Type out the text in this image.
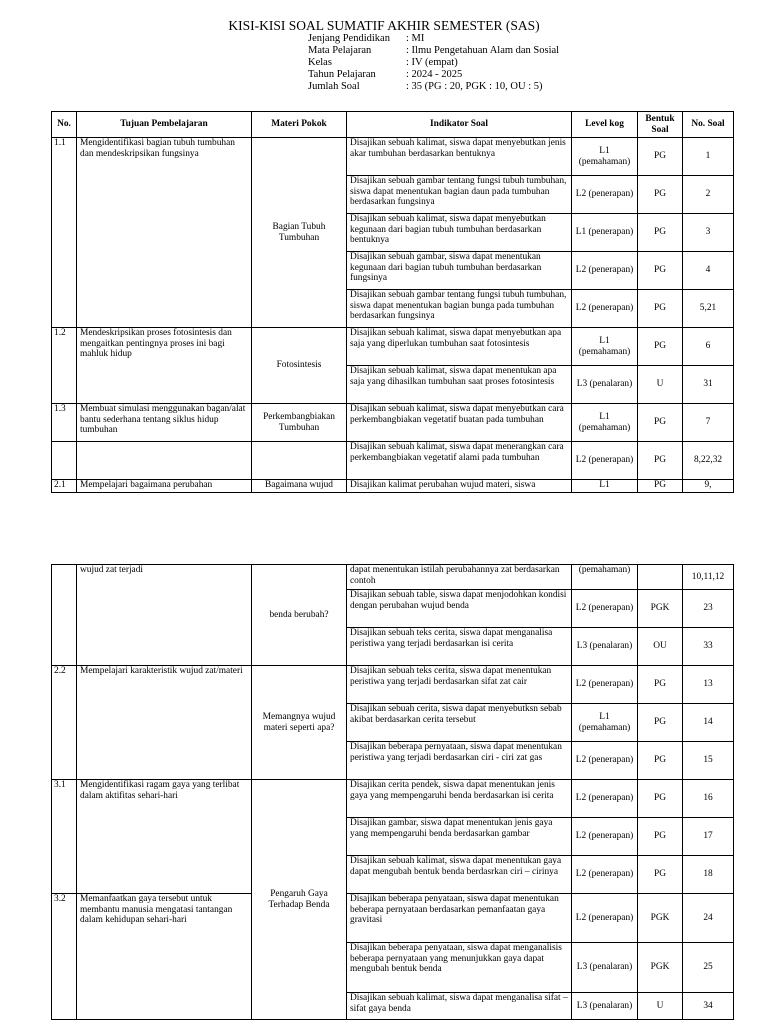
KISI-KISI SOAL SUMATIF AKHIR SEMESTER (SAS)
Jenjang Pendidikan	: MI
Mata Pelajaran	: Ilmu Pengetahuan Alam dan Sosial
Kelas	: IV (empat)
Tahun Pelajaran	: 2024 - 2025
Jumlah Soal	: 35 (PG : 20, PGK : 10, OU : 5)
No.	Tujuan Pembelajaran	Materi Pokok	Indikator Soal	Level kog	Bentuk Soal	No. Soal
1.1	Mengidentifikasi bagian tubuh tumbuhan dan mendeskripsikan fungsinya	Bagian Tubuh Tumbuhan	Disajikan sebuah kalimat, siswa dapat menyebutkan jenis akar tumbuhan berdasarkan bentuknya	L1 (pemahaman)	PG	1
			Disajikan sebuah gambar tentang fungsi tubuh tumbuhan, siswa dapat menentukan bagian daun pada tumbuhan berdasarkan fungsinya	L2 (penerapan)	PG	2
			Disajikan sebuah kalimat, siswa dapat menyebutkan kegunaan dari bagian tubuh tumbuhan berdasarkan bentuknya	L1 (penerapan)	PG	3
			Disajikan sebuah gambar, siswa dapat menentukan kegunaan dari bagian tubuh tumbuhan berdasarkan fungsinya	L2 (penerapan)	PG	4
			Disajikan sebuah gambar tentang fungsi tubuh tumbuhan, siswa dapat menentukan bagian bunga pada tumbuhan berdasarkan fungsinya	L2 (penerapan)	PG	5,21
1.2	Mendeskripsikan proses fotosintesis dan mengaitkan pentingnya proses ini bagi mahluk hidup	Fotosintesis	Disajikan sebuah kalimat, siswa dapat menyebutkan apa saja yang diperlukan tumbuhan saat fotosintesis	L1 (pemahaman)	PG	6
			Disajikan sebuah kalimat, siswa dapat menentukan apa saja yang dihasilkan tumbuhan saat proses fotosintesis	L3 (penalaran)	U	31
1.3	Membuat simulasi menggunakan bagan/alat bantu sederhana tentang siklus hidup tumbuhan	Perkembangbiakan Tumbuhan	Disajikan sebuah kalimat, siswa dapat menyebutkan cara perkembangbiakan vegetatif buatan pada tumbuhan	L1 (pemahaman)	PG	7
			Disajikan sebuah kalimat, siswa dapat menerangkan cara perkembangbiakan vegetatif alami pada tumbuhan	L2 (penerapan)	PG	8,22,32
2.1	Mempelajari bagaimana perubahan	Bagaimana wujud	Disajikan kalimat perubahan wujud materi, siswa	L1	PG	9,
	wujud zat terjadi	benda berubah?	dapat menentukan istilah perubahannya zat berdasarkan contoh	(pemahaman)		10,11,12
			Disajikan sebuah table, siswa dapat menjodohkan kondisi dengan perubahan wujud benda	L2 (penerapan)	PGK	23
			Disajikan sebuah teks cerita, siswa dapat menganalisa peristiwa yang terjadi berdasarkan isi cerita	L3 (penalaran)	OU	33
2.2	Mempelajari karakteristik wujud zat/materi	Memangnya wujud materi seperti apa?	Disajikan sebuah teks cerita, siswa dapat menentukan peristiwa yang terjadi berdasarkan sifat zat cair	L2 (penerapan)	PG	13
			Disajikan sebuah cerita, siswa dapat menyebutksn sebab akibat berdasarkan cerita tersebut	L1 (pemahaman)	PG	14
			Disajikan beberapa pernyataan, siswa dapat menentukan peristiwa yang terjadi berdasarkan ciri - ciri zat gas	L2 (penerapan)	PG	15
3.1	Mengidentifikasi ragam gaya yang terlibat dalam aktifitas sehari-hari	Pengaruh Gaya Terhadap Benda	Disajikan cerita pendek, siswa dapat menentukan jenis gaya yang mempengaruhi benda berdasarkan isi cerita	L2 (penerapan)	PG	16
			Disajikan gambar, siswa dapat menentukan jenis gaya yang mempengaruhi benda berdasarkan gambar	L2 (penerapan)	PG	17
			Disajikan sebuah kalimat, siswa dapat menentukan gaya dapat mengubah bentuk benda berdasrkan ciri – cirinya	L2 (penerapan)	PG	18
3.2	Memanfaatkan gaya tersebut untuk membantu manusia mengatasi tantangan dalam kehidupan sehari-hari		Disajikan beberapa penyataan, siswa dapat menentukan beberapa pernyataan berdasarkan pemanfaatan gaya gravitasi	L2 (penerapan)	PGK	24
			Disajikan beberapa penyataan, siswa dapat menganalisis beberapa pernyataan yang menunjukkan gaya dapat mengubah bentuk benda	L3 (penalaran)	PGK	25
			Disajikan sebuah kalimat, siswa dapat menganalisa sifat – sifat gaya benda	L3 (penalaran)	U	34
